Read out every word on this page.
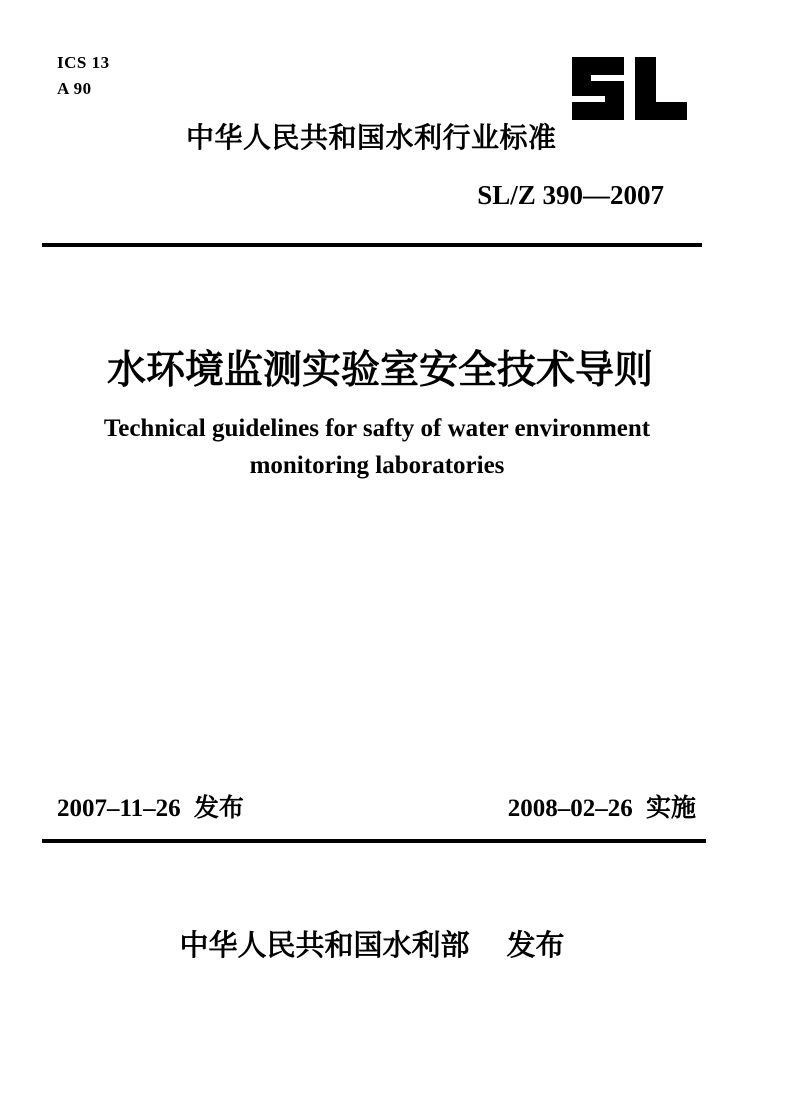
ICS 13
A 90
中华人民共和国水利行业标准
SL/Z 390—2007
水环境监测实验室安全技术导则
Technical guidelines for safty of water environment
monitoring laboratories
2007–11–26 发布	2008–02–26 实施
中华人民共和国水利部 发布
